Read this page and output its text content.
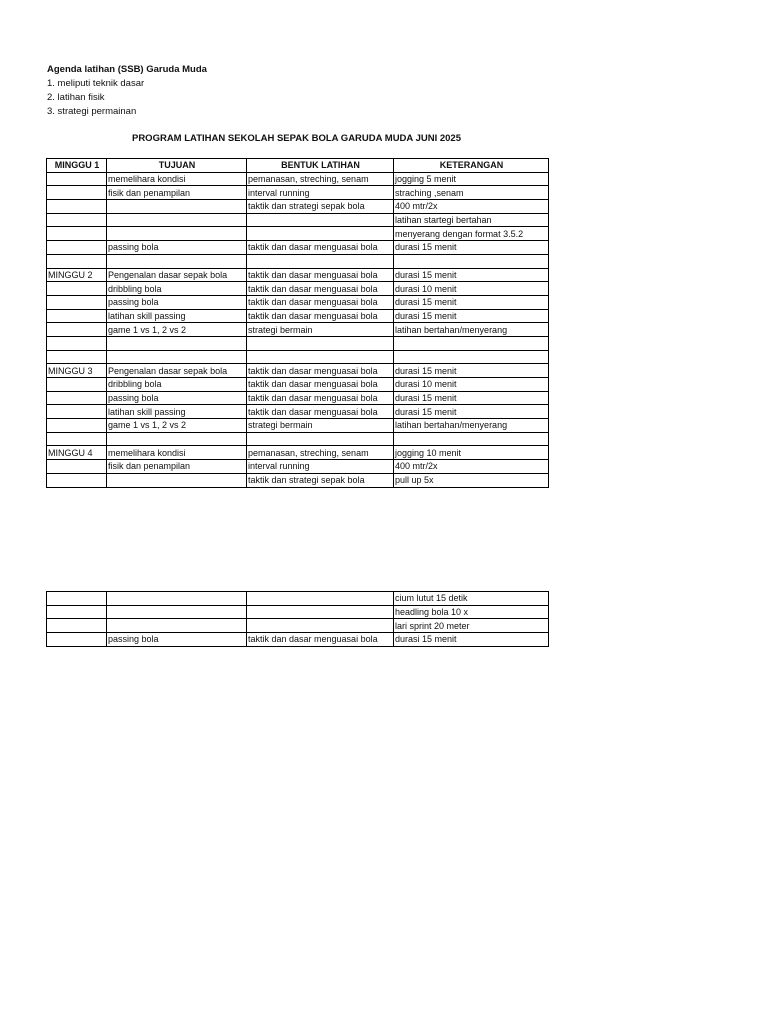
Agenda latihan (SSB) Garuda Muda
1. meliputi teknik dasar
2. latihan fisik
3. strategi permainan
PROGRAM LATIHAN SEKOLAH SEPAK BOLA GARUDA MUDA JUNI 2025
MINGGU 1	TUJUAN	BENTUK LATIHAN	KETERANGAN
	memelihara kondisi	pemanasan, streching, senam	jogging 5 menit
	fisik dan penampilan	interval running	straching ,senam
		taktik dan strategi sepak bola	400 mtr/2x
			latihan startegi bertahan
			menyerang dengan format 3.5.2
	passing bola	taktik dan dasar menguasai bola	durasi 15 menit

MINGGU 2	Pengenalan dasar sepak bola	taktik dan dasar menguasai bola	durasi 15 menit
	dribbling bola	taktik dan dasar menguasai bola	durasi 10 menit
	passing bola	taktik dan dasar menguasai bola	durasi 15 menit
	latihan skill passing	taktik dan dasar menguasai bola	durasi 15 menit
	game 1 vs 1, 2 vs 2	strategi bermain	latihan bertahan/menyerang

MINGGU 3	Pengenalan dasar sepak bola	taktik dan dasar menguasai bola	durasi 15 menit
	dribbling bola	taktik dan dasar menguasai bola	durasi 10 menit
	passing bola	taktik dan dasar menguasai bola	durasi 15 menit
	latihan skill passing	taktik dan dasar menguasai bola	durasi 15 menit
	game 1 vs 1, 2 vs 2	strategi bermain	latihan bertahan/menyerang

MINGGU 4	memelihara kondisi	pemanasan, streching, senam	jogging 10 menit
	fisik dan penampilan	interval running	400 mtr/2x
		taktik dan strategi sepak bola	pull up 5x
			cium lutut 15 detik
			headling bola 10 x
			lari sprint 20 meter
	passing bola	taktik dan dasar menguasai bola	durasi 15 menit
